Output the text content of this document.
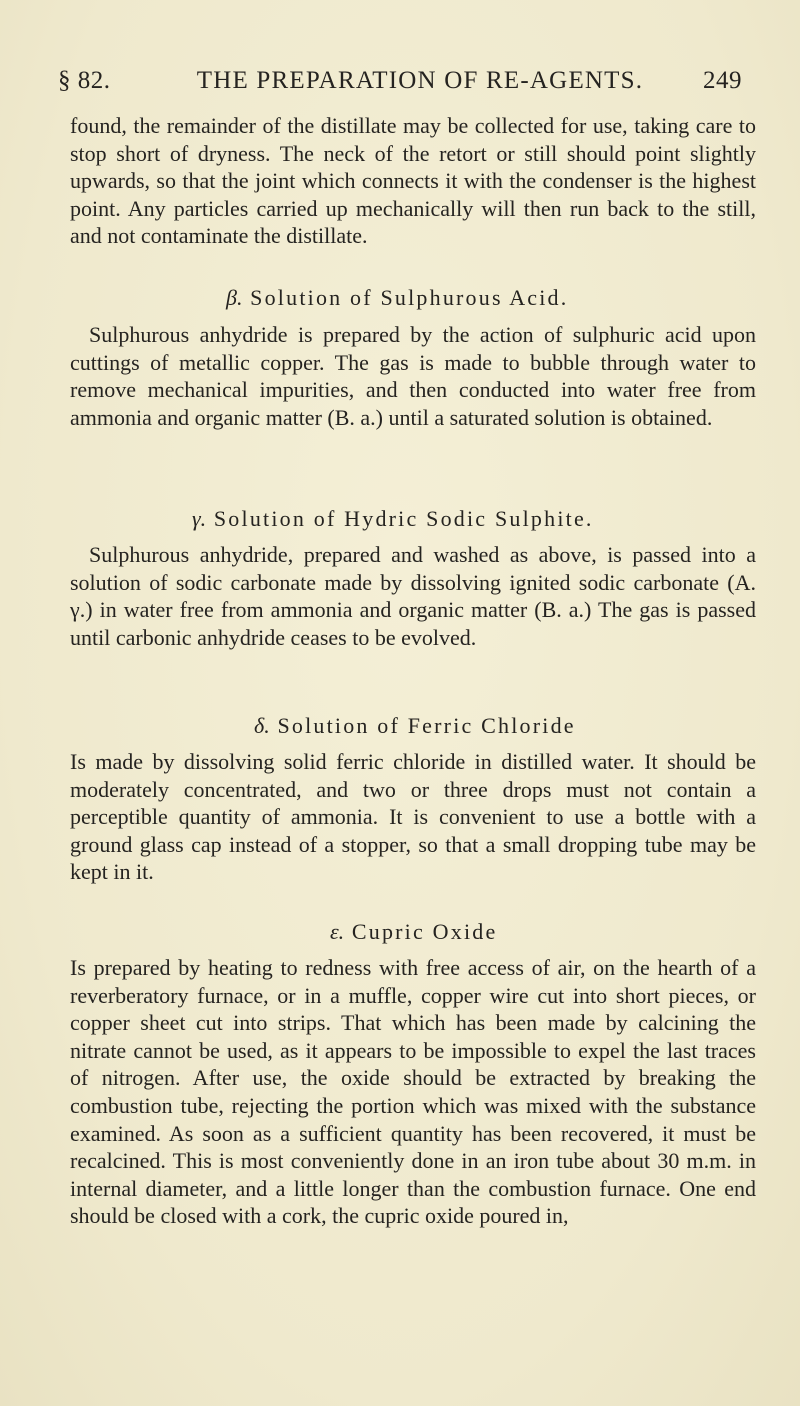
§ 82.	THE PREPARATION OF RE-AGENTS.	249

found, the remainder of the distillate may be collected for use, taking care to stop short of dryness. The neck of the retort or still should point slightly upwards, so that the joint which connects it with the condenser is the highest point. Any particles carried up mechanically will then run back to the still, and not contaminate the distillate.

β. Solution of Sulphurous Acid.

Sulphurous anhydride is prepared by the action of sulphuric acid upon cuttings of metallic copper. The gas is made to bubble through water to remove mechanical impurities, and then conducted into water free from ammonia and organic matter (B. a.) until a saturated solution is obtained.

γ. Solution of Hydric Sodic Sulphite.

Sulphurous anhydride, prepared and washed as above, is passed into a solution of sodic carbonate made by dissolving ignited sodic carbonate (A. γ.) in water free from ammonia and organic matter (B. a.) The gas is passed until carbonic anhydride ceases to be evolved.

δ. Solution of Ferric Chloride

Is made by dissolving solid ferric chloride in distilled water. It should be moderately concentrated, and two or three drops must not contain a perceptible quantity of ammonia. It is convenient to use a bottle with a ground glass cap instead of a stopper, so that a small dropping tube may be kept in it.

ε. Cupric Oxide

Is prepared by heating to redness with free access of air, on the hearth of a reverberatory furnace, or in a muffle, copper wire cut into short pieces, or copper sheet cut into strips. That which has been made by calcining the nitrate cannot be used, as it appears to be impossible to expel the last traces of nitrogen. After use, the oxide should be extracted by breaking the combustion tube, rejecting the portion which was mixed with the substance examined. As soon as a sufficient quantity has been recovered, it must be recalcined. This is most conveniently done in an iron tube about 30 m.m. in internal diameter, and a little longer than the combustion furnace. One end should be closed with a cork, the cupric oxide poured in,
